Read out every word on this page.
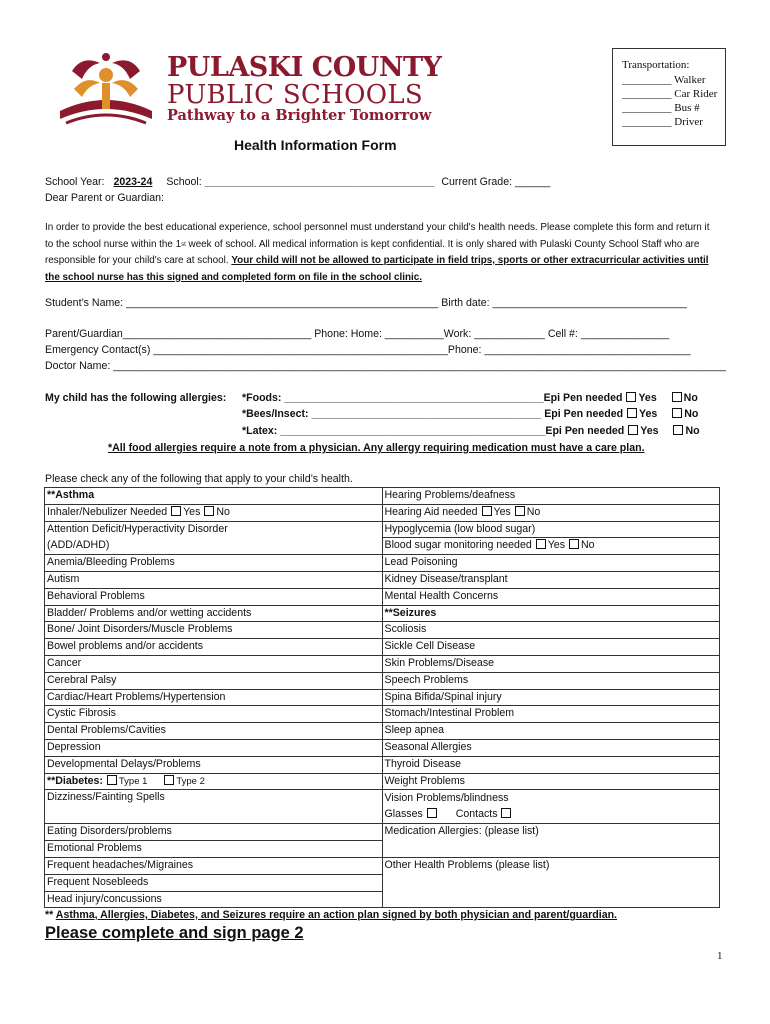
PULASKI COUNTY
PUBLIC SCHOOLS
Pathway to a Brighter Tomorrow
Transportation:
_________ Walker
_________ Car Rider
_________ Bus #
_________ Driver
Health Information Form
School Year: 2023-24 School: _______________________________________ Current Grade: ______
Dear Parent or Guardian:
In order to provide the best educational experience, school personnel must understand your child's health needs. Please complete this form and return it to the school nurse within the 1st week of school. All medical information is kept confidential. It is only shared with Pulaski County School Staff who are responsible for your child's care at school. Your child will not be allowed to participate in field trips, sports or other extracurricular activities until the school nurse has this signed and completed form on file in the school clinic.
Student’s Name: _____________________________________________________ Birth date: _________________________________
Parent/Guardian________________________________ Phone: Home: __________Work: ____________ Cell #: _______________
Emergency Contact(s) __________________________________________________Phone: ___________________________________
Doctor Name: ________________________________________________________________________________________________________
My child has the following allergies: *Foods: ____________________________________________Epi Pen needed Yes	No
*Bees/Insect: _______________________________________ Epi Pen needed Yes	No
*Latex: _____________________________________________Epi Pen needed Yes	No
*All food allergies require a note from a physician. Any allergy requiring medication must have a care plan.
Please check any of the following that apply to your child’s health.
**Asthma	Hearing Problems/deafness
Inhaler/Nebulizer Needed Yes No	Hearing Aid needed Yes No
Attention Deficit/Hyperactivity Disorder	Hypoglycemia (low blood sugar)
(ADD/ADHD)	Blood sugar monitoring needed Yes No
Anemia/Bleeding Problems	Lead Poisoning
Autism	Kidney Disease/transplant
Behavioral Problems	Mental Health Concerns
Bladder/ Problems and/or wetting accidents	**Seizures
Bone/ Joint Disorders/Muscle Problems	Scoliosis
Bowel problems and/or accidents	Sickle Cell Disease
Cancer	Skin Problems/Disease
Cerebral Palsy	Speech Problems
Cardiac/Heart Problems/Hypertension	Spina Bifida/Spinal injury
Cystic Fibrosis	Stomach/Intestinal Problem
Dental Problems/Cavities	Sleep apnea
Depression	Seasonal Allergies
Developmental Delays/Problems	Thyroid Disease
**Diabetes: Type 1 Type 2	Weight Problems
Dizziness/Fainting Spells	Vision Problems/blindness
Glasses Contacts

Eating Disorders/problems	Medication Allergies: (please list)
Emotional Problems	
Frequent headaches/Migraines	Other Health Problems (please list)
Frequent Nosebleeds	
Head injury/concussions	
** Asthma, Allergies, Diabetes, and Seizures require an action plan signed by both physician and parent/guardian.
Please complete and sign page 2
1
